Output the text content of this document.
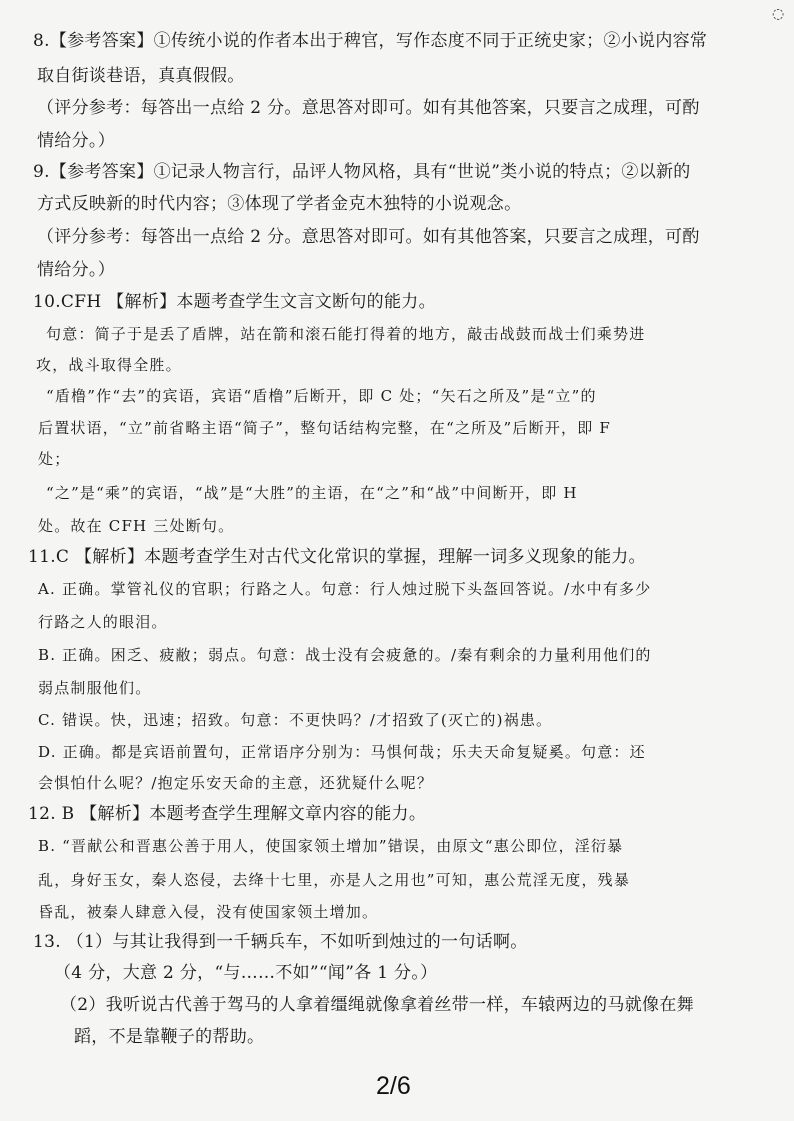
◌
8.【参考答案】①传统小说的作者本出于稗官，写作态度不同于正统史家；②小说内容常
取自街谈巷语，真真假假。
（评分参考：每答出一点给 2 分。意思答对即可。如有其他答案，只要言之成理，可酌
情给分。）
9.【参考答案】①记录人物言行，品评人物风格，具有“世说”类小说的特点；②以新的
方式反映新的时代内容；③体现了学者金克木独特的小说观念。
（评分参考：每答出一点给 2 分。意思答对即可。如有其他答案，只要言之成理，可酌
情给分。）
10.CFH 【解析】本题考查学生文言文断句的能力。
句意：简子于是丢了盾牌，站在箭和滚石能打得着的地方，敲击战鼓而战士们乘势进
攻，战斗取得全胜。
“盾橹”作“去”的宾语，宾语“盾橹”后断开，即 C 处；“矢石之所及”是“立”的
后置状语，“立”前省略主语“简子”，整句话结构完整，在“之所及”后断开，即 F
处；
“之”是“乘”的宾语，“战”是“大胜”的主语，在“之”和“战”中间断开，即 H
处。故在 CFH 三处断句。
11.C 【解析】本题考查学生对古代文化常识的掌握，理解一词多义现象的能力。
A. 正确。掌管礼仪的官职；行路之人。句意：行人烛过脱下头盔回答说。/水中有多少
行路之人的眼泪。
B. 正确。困乏、疲敝；弱点。句意：战士没有会疲惫的。/秦有剩余的力量利用他们的
弱点制服他们。
C. 错误。快，迅速；招致。句意：不更快吗？/才招致了(灭亡的)祸患。
D. 正确。都是宾语前置句，正常语序分别为：马惧何哉；乐夫天命复疑奚。句意：还
会惧怕什么呢？/抱定乐安天命的主意，还犹疑什么呢？
12. B 【解析】本题考查学生理解文章内容的能力。
B. “晋献公和晋惠公善于用人，使国家领土增加”错误，由原文“惠公即位，淫衍暴
乱，身好玉女，秦人恣侵，去绛十七里，亦是人之用也”可知，惠公荒淫无度，残暴
昏乱，被秦人肆意入侵，没有使国家领土增加。
13. （1）与其让我得到一千辆兵车，不如听到烛过的一句话啊。
（4 分，大意 2 分，“与……不如”“闻”各 1 分。）
（2）我听说古代善于驾马的人拿着缰绳就像拿着丝带一样，车辕两边的马就像在舞
蹈，不是靠鞭子的帮助。
2/6
